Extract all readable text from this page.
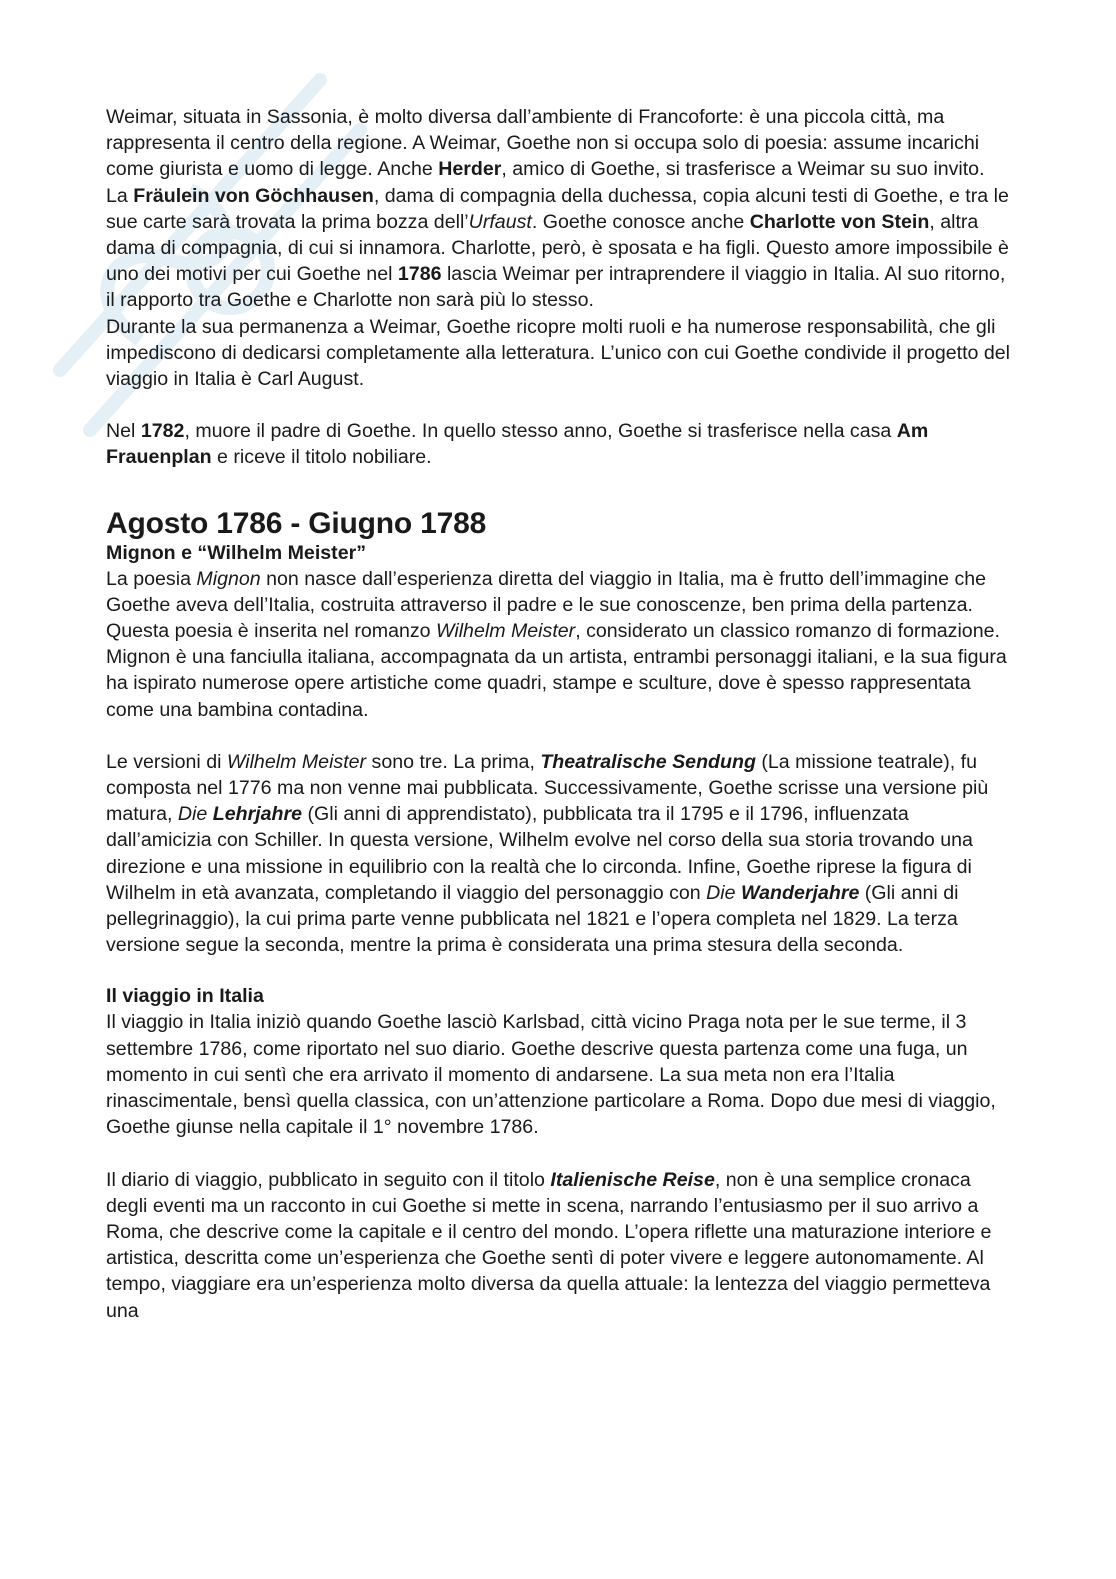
Weimar, situata in Sassonia, è molto diversa dall’ambiente di Francoforte: è una piccola città, ma rappresenta il centro della regione. A Weimar, Goethe non si occupa solo di poesia: assume incarichi come giurista e uomo di legge. Anche Herder, amico di Goethe, si trasferisce a Weimar su suo invito.

La Fräulein von Göchhausen, dama di compagnia della duchessa, copia alcuni testi di Goethe, e tra le sue carte sarà trovata la prima bozza dell’Urfaust. Goethe conosce anche Charlotte von Stein, altra dama di compagnia, di cui si innamora. Charlotte, però, è sposata e ha figli. Questo amore impossibile è uno dei motivi per cui Goethe nel 1786 lascia Weimar per intraprendere il viaggio in Italia. Al suo ritorno, il rapporto tra Goethe e Charlotte non sarà più lo stesso.

Durante la sua permanenza a Weimar, Goethe ricopre molti ruoli e ha numerose responsabilità, che gli impediscono di dedicarsi completamente alla letteratura. L’unico con cui Goethe condivide il progetto del viaggio in Italia è Carl August.

Nel 1782, muore il padre di Goethe. In quello stesso anno, Goethe si trasferisce nella casa Am Frauenplan e riceve il titolo nobiliare.

Agosto 1786 - Giugno 1788
Mignon e “Wilhelm Meister”

La poesia Mignon non nasce dall’esperienza diretta del viaggio in Italia, ma è frutto dell’immagine che Goethe aveva dell’Italia, costruita attraverso il padre e le sue conoscenze, ben prima della partenza. Questa poesia è inserita nel romanzo Wilhelm Meister, considerato un classico romanzo di formazione. Mignon è una fanciulla italiana, accompagnata da un artista, entrambi personaggi italiani, e la sua figura ha ispirato numerose opere artistiche come quadri, stampe e sculture, dove è spesso rappresentata come una bambina contadina.

Le versioni di Wilhelm Meister sono tre. La prima, Theatralische Sendung (La missione teatrale), fu composta nel 1776 ma non venne mai pubblicata. Successivamente, Goethe scrisse una versione più matura, Die Lehrjahre (Gli anni di apprendistato), pubblicata tra il 1795 e il 1796, influenzata dall’amicizia con Schiller. In questa versione, Wilhelm evolve nel corso della sua storia trovando una direzione e una missione in equilibrio con la realtà che lo circonda. Infine, Goethe riprese la figura di Wilhelm in età avanzata, completando il viaggio del personaggio con Die Wanderjahre (Gli anni di pellegrinaggio), la cui prima parte venne pubblicata nel 1821 e l’opera completa nel 1829. La terza versione segue la seconda, mentre la prima è considerata una prima stesura della seconda.

Il viaggio in Italia

Il viaggio in Italia iniziò quando Goethe lasciò Karlsbad, città vicino Praga nota per le sue terme, il 3 settembre 1786, come riportato nel suo diario. Goethe descrive questa partenza come una fuga, un momento in cui sentì che era arrivato il momento di andarsene. La sua meta non era l’Italia rinascimentale, bensì quella classica, con un’attenzione particolare a Roma. Dopo due mesi di viaggio, Goethe giunse nella capitale il 1° novembre 1786.

Il diario di viaggio, pubblicato in seguito con il titolo Italienische Reise, non è una semplice cronaca degli eventi ma un racconto in cui Goethe si mette in scena, narrando l’entusiasmo per il suo arrivo a Roma, che descrive come la capitale e il centro del mondo. L’opera riflette una maturazione interiore e artistica, descritta come un’esperienza che Goethe sentì di poter vivere e leggere autonomamente. Al tempo, viaggiare era un’esperienza molto diversa da quella attuale: la lentezza del viaggio permetteva una
